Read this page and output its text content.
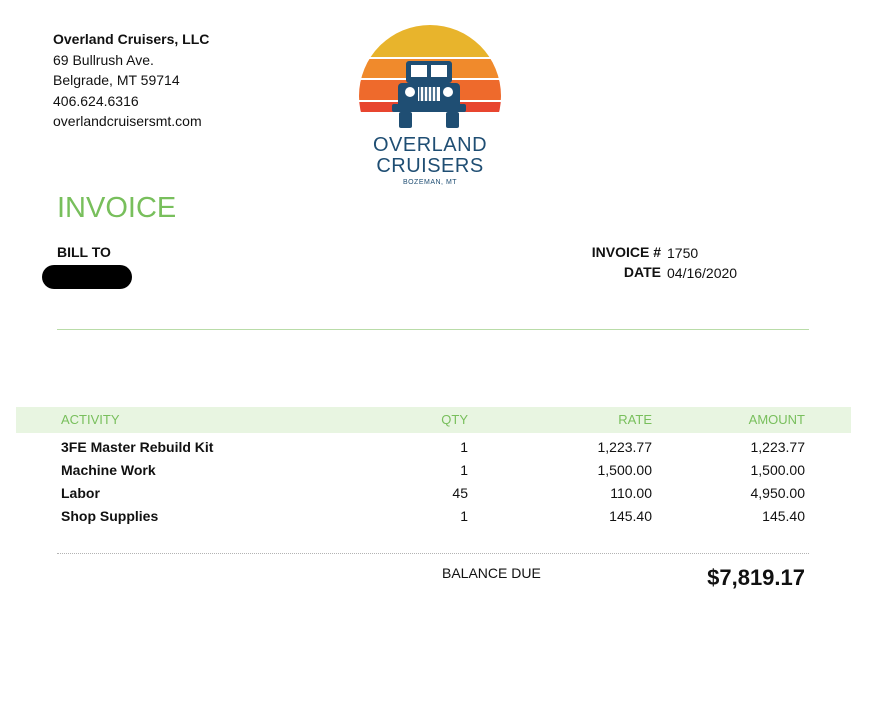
Overland Cruisers, LLC
69 Bullrush Ave.
Belgrade, MT 59714
406.624.6316
overlandcruisersmt.com
OVERLAND
CRUISERS
BOZEMAN, MT
INVOICE
BILL TO	INVOICE # 1750
DATE 04/16/2020
ACTIVITY	QTY	RATE	AMOUNT
3FE Master Rebuild Kit	1	1,223.77	1,223.77
Machine Work	1	1,500.00	1,500.00
Labor	45	110.00	4,950.00
Shop Supplies	1	145.40	145.40
BALANCE DUE	$7,819.17
